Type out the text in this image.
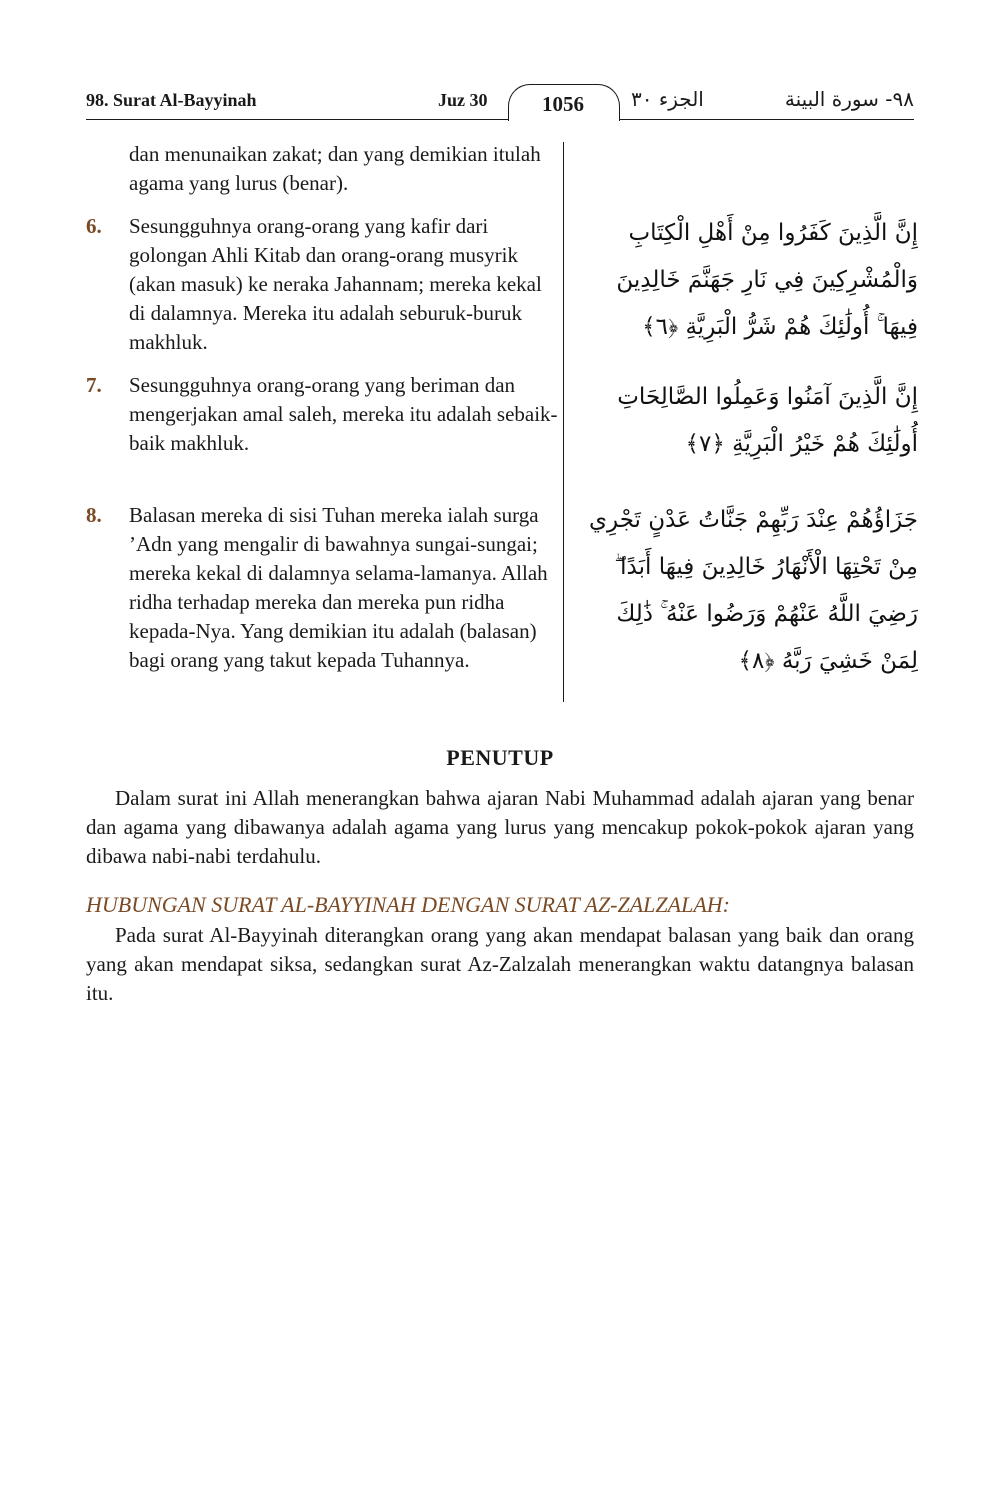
98. Surat Al-Bayyinah	Juz 30	1056	الجزء ٣٠	٩٨- سورة البينة
dan menunaikan zakat; dan yang demikian itulah agama yang lurus (benar).
6.	Sesungguhnya orang-orang yang kafir dari golongan Ahli Kitab dan orang-orang musyrik (akan masuk) ke neraka Jahannam; mereka kekal di dalamnya. Mereka itu adalah seburuk-buruk makhluk.
7.	Sesungguhnya orang-orang yang beriman dan mengerjakan amal saleh, mereka itu adalah sebaik-baik makhluk.
8.	Balasan mereka di sisi Tuhan mereka ialah surga ’Adn yang mengalir di bawahnya sungai-sungai; mereka kekal di dalamnya selama-lamanya. Allah ridha terhadap mereka dan mereka pun ridha kepada-Nya. Yang demikian itu adalah (balasan) bagi orang yang takut kepada Tuhannya.
إِنَّ الَّذِينَ كَفَرُوا مِنْ أَهْلِ الْكِتَابِ وَالْمُشْرِكِينَ فِي نَارِ جَهَنَّمَ خَالِدِينَ فِيهَا ۚ أُولَٰئِكَ هُمْ شَرُّ الْبَرِيَّةِ ﴿٦﴾
إِنَّ الَّذِينَ آمَنُوا وَعَمِلُوا الصَّالِحَاتِ أُولَٰئِكَ هُمْ خَيْرُ الْبَرِيَّةِ ﴿٧﴾
جَزَاؤُهُمْ عِنْدَ رَبِّهِمْ جَنَّاتُ عَدْنٍ تَجْرِي مِنْ تَحْتِهَا الْأَنْهَارُ خَالِدِينَ فِيهَا أَبَدًا ۖ رَضِيَ اللَّهُ عَنْهُمْ وَرَضُوا عَنْهُ ۚ ذَٰلِكَ لِمَنْ خَشِيَ رَبَّهُ ﴿٨﴾
PENUTUP
Dalam surat ini Allah menerangkan bahwa ajaran Nabi Muhammad adalah ajaran yang benar dan agama yang dibawanya adalah agama yang lurus yang mencakup pokok-pokok ajaran yang dibawa nabi-nabi terdahulu.
HUBUNGAN SURAT AL-BAYYINAH DENGAN SURAT AZ-ZALZALAH:
Pada surat Al-Bayyinah diterangkan orang yang akan mendapat balasan yang baik dan orang yang akan mendapat siksa, sedangkan surat Az-Zalzalah menerangkan waktu datangnya balasan itu.
